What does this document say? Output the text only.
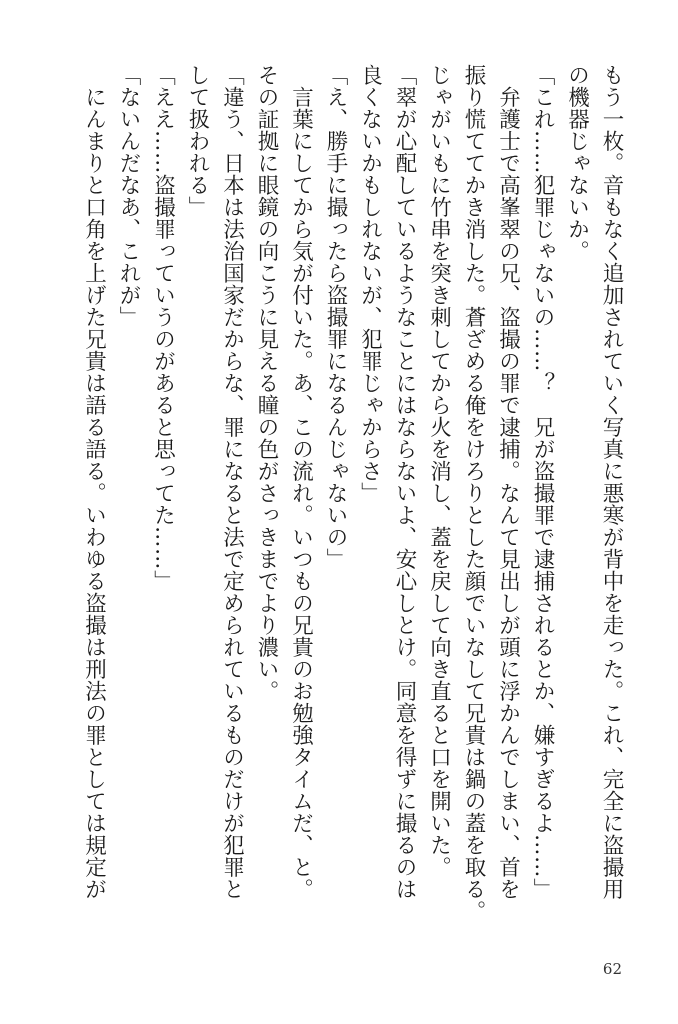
もう一枚。音もなく追加されていく写真に悪寒が背中を走った。これ、完全に盗撮用

の機器じゃないか。

「これ……犯罪じゃないの……？　兄が盗撮罪で逮捕されるとか、嫌すぎるよ……」

　弁護士で高峯翠の兄、盗撮の罪で逮捕。なんて見出しが頭に浮かんでしまい、首を

振り慌ててかき消した。蒼ざめる俺をけろりとした顔でいなして兄貴は鍋の蓋を取る。

じゃがいもに竹串を突き刺してから火を消し、蓋を戻して向き直ると口を開いた。

「翠が心配しているようなことにはならないよ、安心しとけ。同意を得ずに撮るのは

良くないかもしれないが、犯罪じゃからさ」

「え、勝手に撮ったら盗撮罪になるんじゃないの」

　言葉にしてから気が付いた。あ、この流れ。いつもの兄貴のお勉強タイムだ、と。

その証拠に眼鏡の向こうに見える瞳の色がさっきまでより濃い。

「違う、日本は法治国家だからな、罪になると法で定められているものだけが犯罪と

して扱われる」

「ええ……盗撮罪っていうのがあると思ってた……」

「ないんだなあ、これが」

　にんまりと口角を上げた兄貴は語る語る。いわゆる盗撮は刑法の罪としては規定が

62
